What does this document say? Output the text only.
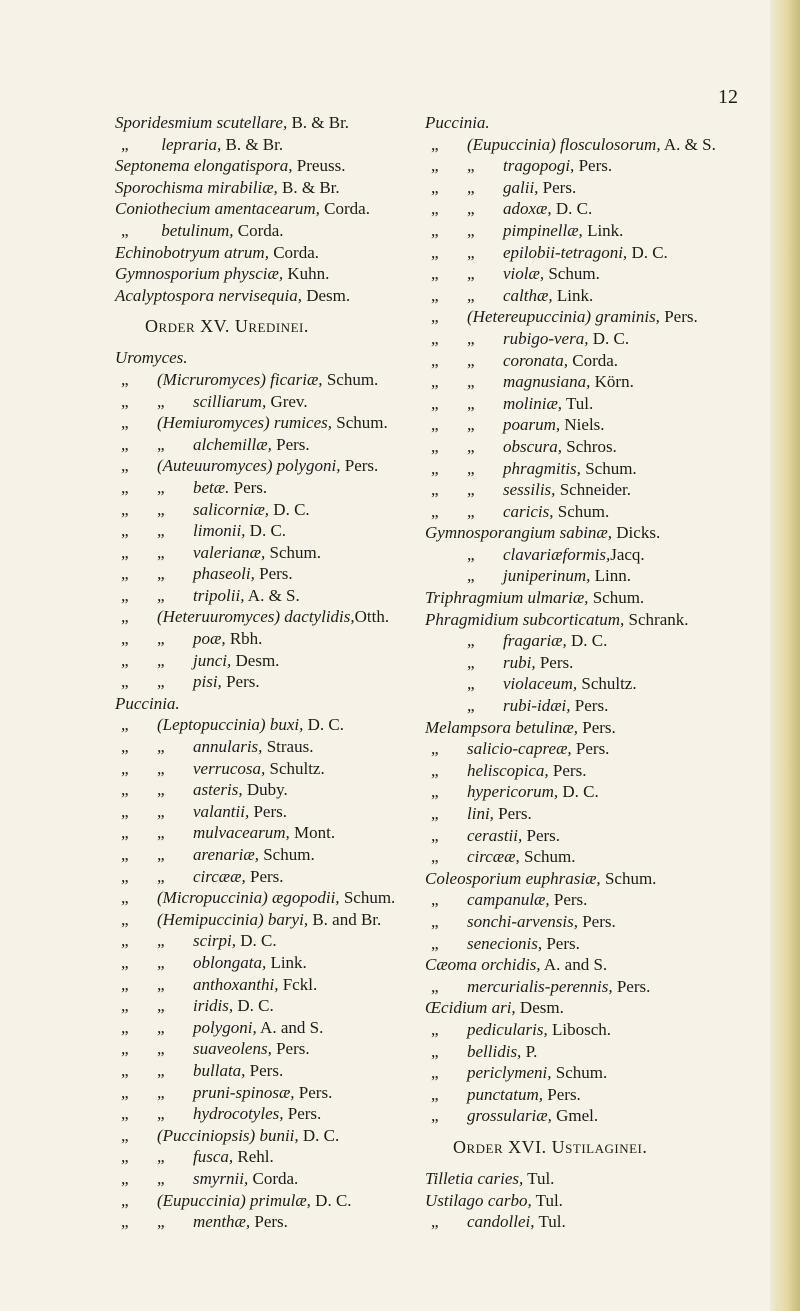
12
Sporidesmium scutellare, B. & Br.
„ lepraria, B. & Br.
Septonema elongatispora, Preuss.
Sporochisma mirabiliæ, B. & Br.
Coniothecium amentacearum, Corda.
„ betulinum, Corda.
Echinobotryum atrum, Corda.
Gymnosporium physciæ, Kuhn.
Acalyptospora nervisequia, Desm.
Order XV. Uredinei.
Uromyces.
„ (Micruromyces) ficariæ, Schum.
„ „ scilliarum, Grev.
„ (Hemiuromyces) rumices, Schum.
„ „ alchemillæ, Pers.
„ (Auteuuromyces) polygoni, Pers.
„ „ betæ. Pers.
„ „ salicorniæ, D. C.
„ „ limonii, D. C.
„ „ valerianæ, Schum.
„ „ phaseoli, Pers.
„ „ tripolii, A. & S.
„ (Heteruuromyces) dactylidis,Otth.
„ „ poæ, Rbh.
„ „ junci, Desm.
„ „ pisi, Pers.
Puccinia.
„ (Leptopuccinia) buxi, D. C.
„ „ annularis, Straus.
„ „ verrucosa, Schultz.
„ „ asteris, Duby.
„ „ valantii, Pers.
„ „ mulvacearum, Mont.
„ „ arenariæ, Schum.
„ „ circææ, Pers.
„ (Micropuccinia) ægopodii, Schum.
„ (Hemipuccinia) baryi, B. and Br.
„ „ scirpi, D. C.
„ „ oblongata, Link.
„ „ anthoxanthi, Fckl.
„ „ iridis, D. C.
„ „ polygoni, A. and S.
„ „ suaveolens, Pers.
„ „ bullata, Pers.
„ „ pruni-spinosæ, Pers.
„ „ hydrocotyles, Pers.
„ (Pucciniopsis) bunii, D. C.
„ „ fusca, Rehl.
„ „ smyrnii, Corda.
„ (Eupuccinia) primulæ, D. C.
„ „ menthæ, Pers.
Puccinia.
„ (Eupuccinia) flosculosorum, A. & S.
„ „ tragopogi, Pers.
„ „ galii, Pers.
„ „ adoxæ, D. C.
„ „ pimpinellæ, Link.
„ „ epilobii-tetragoni, D. C.
„ „ violæ, Schum.
„ „ calthæ, Link.
„ (Hetereupuccinia) graminis, Pers.
„ „ rubigo-vera, D. C.
„ „ coronata, Corda.
„ „ magnusiana, Körn.
„ „ moliniæ, Tul.
„ „ poarum, Niels.
„ „ obscura, Schros.
„ „ phragmitis, Schum.
„ „ sessilis, Schneider.
„ „ caricis, Schum.
Gymnosporangium sabinæ, Dicks.
„ clavariæformis,Jacq.
„ juniperinum, Linn.
Triphragmium ulmariæ, Schum.
Phragmidium subcorticatum, Schrank.
„ fragariæ, D. C.
„ rubi, Pers.
„ violaceum, Schultz.
„ rubi-idæi, Pers.
Melampsora betulinæ, Pers.
„ salicio-capreæ, Pers.
„ heliscopica, Pers.
„ hypericorum, D. C.
„ lini, Pers.
„ cerastii, Pers.
„ circææ, Schum.
Coleosporium euphrasiæ, Schum.
„ campanulæ, Pers.
„ sonchi-arvensis, Pers.
„ senecionis, Pers.
Cæoma orchidis, A. and S.
„ mercurialis-perennis, Pers.
Œcidium ari, Desm.
„ pedicularis, Libosch.
„ bellidis, P.
„ periclymeni, Schum.
„ punctatum, Pers.
„ grossulariæ, Gmel.
Order XVI. Ustilaginei.
Tilletia caries, Tul.
Ustilago carbo, Tul.
„ candollei, Tul.
